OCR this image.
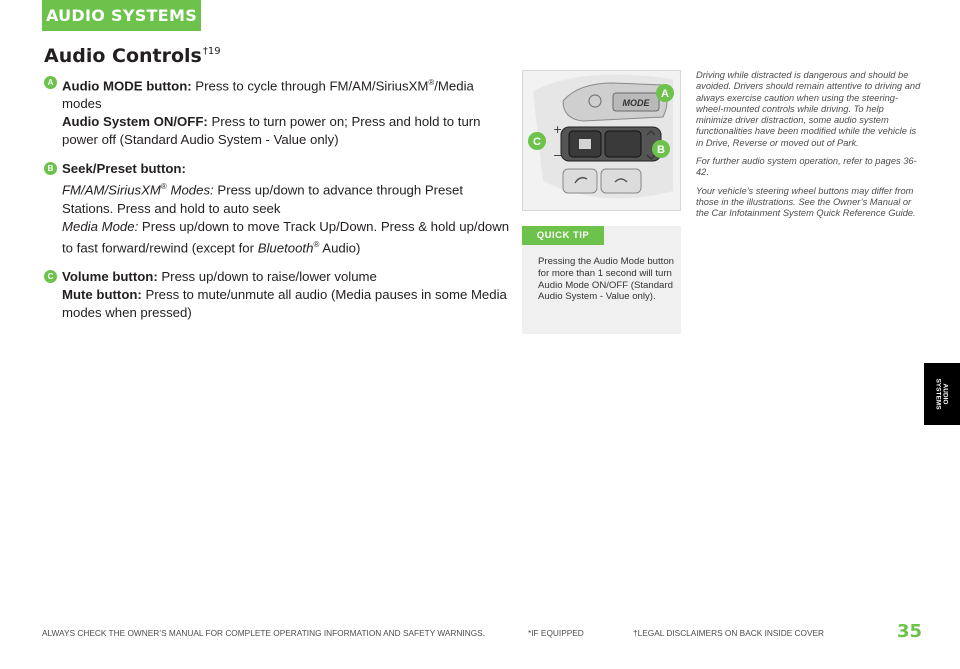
AUDIO SYSTEMS
AUDIO
SYSTEMS
Audio Controls$^{\dagger 19}$
A Audio MODE button: Press to cycle through FM/AM/SiriusXM®/Media modes
Audio System ON/OFF: Press to turn power on; Press and hold to turn power off (Standard Audio System - Value only)
B Seek/Preset button:
FM/AM/SiriusXM® Modes: Press up/down to advance through Preset Stations. Press and hold to auto seek
Media Mode: Press up/down to move Track Up/Down. Press & hold up/down to fast forward/rewind (except for Bluetooth® Audio)
C Volume button: Press up/down to raise/lower volume
Mute button: Press to mute/unmute all audio (Media pauses in some Media modes when pressed)
MODE
+
−
A
B
C
QUICK TIP
Pressing the Audio Mode button for more than 1 second will turn Audio Mode ON/OFF (Standard Audio System - Value only).

Driving while distracted is dangerous and should be avoided. Drivers should remain attentive to driving and always exercise caution when using the steering-wheel-mounted controls while driving. To help minimize driver distraction, some audio system functionalities have been modified while the vehicle is in Drive, Reverse or moved out of Park.

For further audio system operation, refer to pages 36-42.

Your vehicle’s steering wheel buttons may differ from those in the illustrations. See the Owner’s Manual or the Car Infotainment System Quick Reference Guide.

ALWAYS CHECK THE OWNER’S MANUAL FOR COMPLETE OPERATING INFORMATION AND SAFETY WARNINGS.	*IF EQUIPPED	†LEGAL DISCLAIMERS ON BACK INSIDE COVER	35
